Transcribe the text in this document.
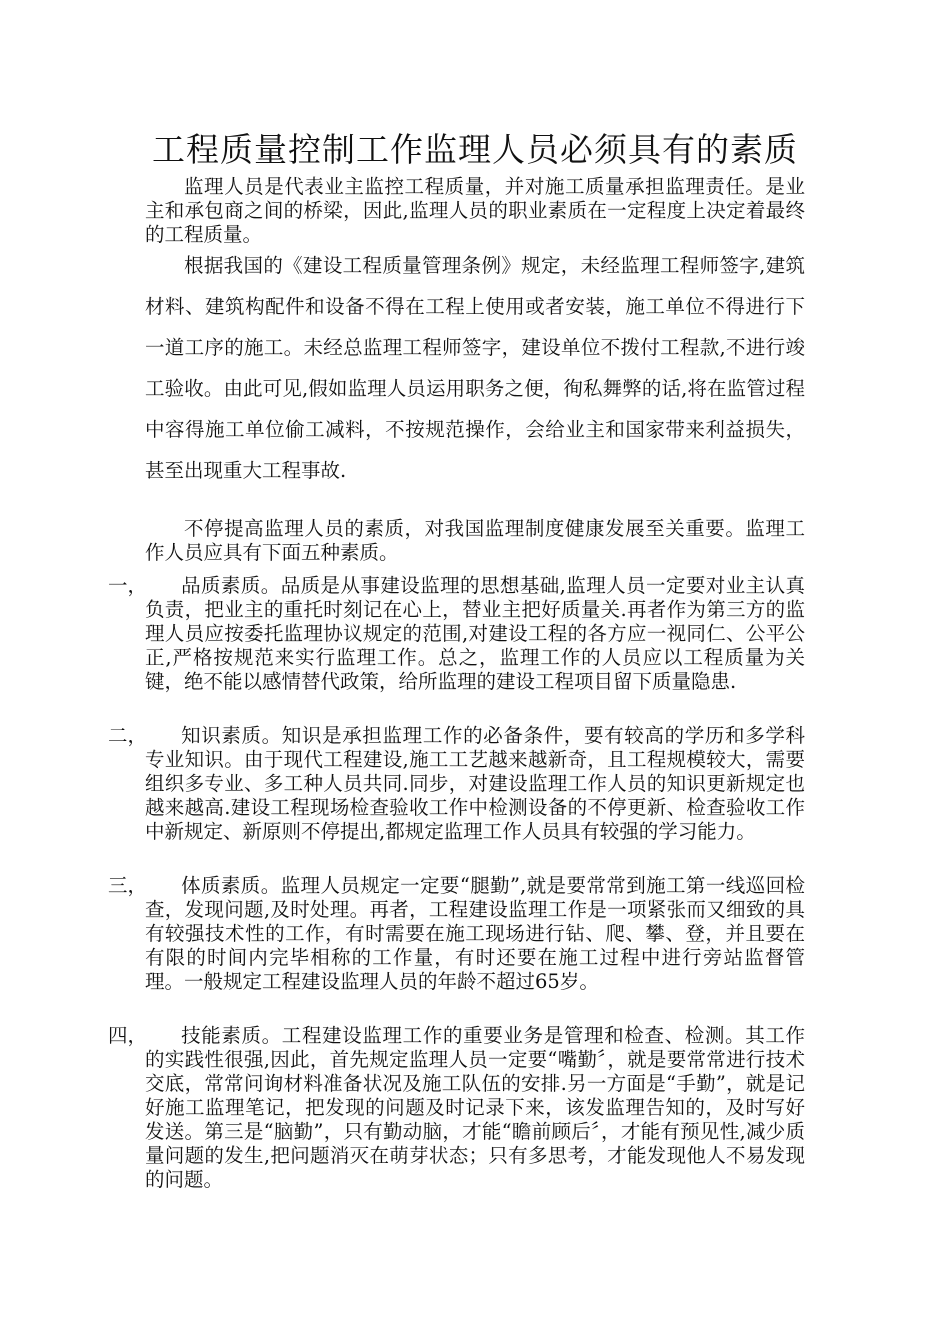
工程质量控制工作监理人员必须具有的素质

监理人员是代表业主监控工程质量，并对施工质量承担监理责任。是业主和承包商之间的桥梁，因此,监理人员的职业素质在一定程度上决定着最终的工程质量。

根据我国的《建设工程质量管理条例》规定，未经监理工程师签字,建筑材料、建筑构配件和设备不得在工程上使用或者安装，施工单位不得进行下一道工序的施工。未经总监理工程师签字，建设单位不拨付工程款,不进行竣工验收。由此可见,假如监理人员运用职务之便，徇私舞弊的话,将在监管过程中容得施工单位偷工减料，不按规范操作，会给业主和国家带来利益损失，甚至出现重大工程事故.

不停提高监理人员的素质，对我国监理制度健康发展至关重要。监理工作人员应具有下面五种素质。

一，	品质素质。品质是从事建设监理的思想基础,监理人员一定要对业主认真负责，把业主的重托时刻记在心上，替业主把好质量关.再者作为第三方的监理人员应按委托监理协议规定的范围,对建设工程的各方应一视同仁、公平公正,严格按规范来实行监理工作。总之，监理工作的人员应以工程质量为关键，绝不能以感情替代政策，给所监理的建设工程项目留下质量隐患.

二，	知识素质。知识是承担监理工作的必备条件，要有较高的学历和多学科专业知识。由于现代工程建设,施工工艺越来越新奇，且工程规模较大，需要组织多专业、多工种人员共同.同步，对建设监理工作人员的知识更新规定也越来越高.建设工程现场检查验收工作中检测设备的不停更新、检查验收工作中新规定、新原则不停提出,都规定监理工作人员具有较强的学习能力。

三，	体质素质。监理人员规定一定要“腿勤”,就是要常常到施工第一线巡回检查，发现问题,及时处理。再者，工程建设监理工作是一项紧张而又细致的具有较强技术性的工作，有时需要在施工现场进行钻、爬、攀、登，并且要在有限的时间内完毕相称的工作量，有时还要在施工过程中进行旁站监督管理。一般规定工程建设监理人员的年龄不超过65岁。

四，	技能素质。工程建设监理工作的重要业务是管理和检查、检测。其工作的实践性很强,因此，首先规定监理人员一定要“嘴勤〞，就是要常常进行技术交底，常常问询材料准备状况及施工队伍的安排.另一方面是“手勤”，就是记好施工监理笔记，把发现的问题及时记录下来，该发监理告知的，及时写好发送。第三是“脑勤”，只有勤动脑，才能“瞻前顾后〞，才能有预见性,减少质量问题的发生,把问题消灭在萌芽状态；只有多思考，才能发现他人不易发现的问题。
